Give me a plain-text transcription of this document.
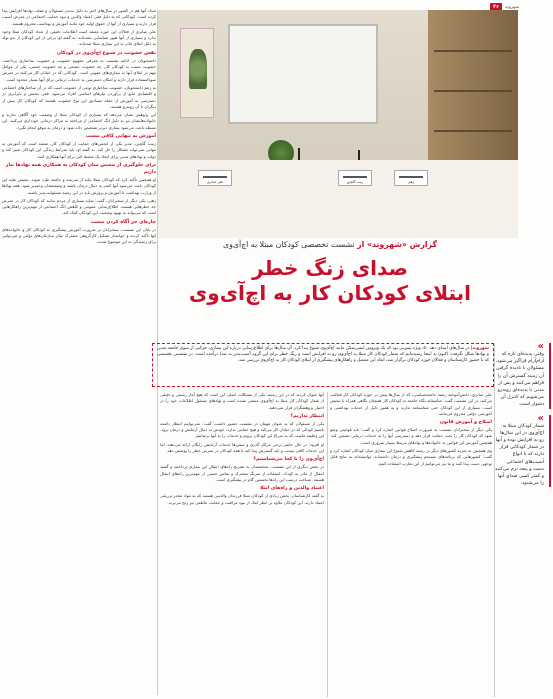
شهروند
۴۶

تعداد آنها هم در کشور در سال‌های اخیر به دلیل ندیدن مسئولان و غفلت نهادها افزایش پیدا کرده است. کودکانی که به دلیل فقر، اعتیاد والدین و نبود حمایت اجتماعی در معرض آسیب قرار دارند و بسیاری از آنها از حقوق اولیه خود مانند آموزش و بهداشت محروم هستند.

علی صابری از فعالان این حوزه معتقد است اطلاعات دقیقی از تعداد کودکان مبتلا وجود ندارد و بسیاری از آنها هنوز شناسایی نشده‌اند. به گفته او، برخی از این کودکان از بدو تولد به دلیل ابتلای مادر به این بیماری مبتلا شده‌اند.

نقش خشونت در شیوع اچ‌آی‌وی در کودکان

دانشجویان در ادامه نشست به معرفی مفهوم خشونت و خشونت ساختاری پرداختند. خشونت نسبت به کودکان کار، چه خشونت جسمی و چه خشونت جنسی، یکی از عوامل مهم در ابتلای آنها به بیماری‌های عفونی است. کودکانی که در خیابان کار می‌کنند در معرض سوءاستفاده قرار دارند و امکان دسترسی به خدمات درمانی برای آنها بسیار محدود است.

به زعم دانشجویان، خشونت ساختاری نوعی از خشونت است که در آن ساختارهای اجتماعی و اقتصادی مانع از برآوردن نیازهای اساسی افراد می‌شود. فقر، تبعیض و نابرابری در دسترسی به آموزش از جمله مصادیق این نوع خشونت هستند که کودکان کار بیش از دیگران با آن روبه‌رو هستند.

این پژوهش نشان می‌دهد که بسیاری از کودکان مبتلا از وضعیت خود آگاهی ندارند و خانواده‌هایشان نیز به دلیل انگ اجتماعی از مراجعه به مراکز درمانی خودداری می‌کنند. این مسئله باعث می‌شود بیماری دیرتر تشخیص داده شود و درمان به موقع انجام نگیرد.

آموزش به تنهایی کافی نیست

زینب گلچین، مدیر یکی از انجمن‌های حمایت از کودکان کار، معتقد است که آموزش به تنهایی نمی‌تواند مشکل را حل کند. به گفته او، باید شرایط زندگی این کودکان تغییر کند و دولت و نهادهای مدنی برای ایجاد یک محیط امن برای آنها همکاری کنند.

برای جلوگیری از تبعیض میان کودکان به همکاری همه نهادها نیاز داریم

او همچنین تأکید کرد که کودکان مبتلا نباید از مدرسه و جامعه طرد شوند. تبعیض علیه این کودکان باعث می‌شود آنها کمتر به دنبال درمان باشند و وضعیتشان وخیم‌تر شود. همه نهادها از وزارت بهداشت تا آموزش و پرورش باید در این زمینه مسئولیت‌پذیر باشند.

رهبر، یکی دیگر از سخنرانان، گفت: شاید بسیاری از مردم ندانند که کودکان کار در معرض چه خطرهایی هستند. اطلاع‌رسانی عمومی و کاهش انگ اجتماعی از مهم‌ترین راهکارهایی است که می‌تواند به بهبود وضعیت این کودکان کمک کند.

چاره‌ای جز آگاه کردن نیست

در پایان این نشست، سخنرانان بر ضرورت آموزش پیشگیری به کودکان کار و خانواده‌های آنها تأکید کردند و خواستار تشکیل کارگروهی مشترک میان سازمان‌های دولتی و غیردولتی برای رسیدگی به این موضوع شدند.

علی صابری	زینب گلچین	رهبر
گزارش «شهروند» از نشست تخصصی کودکان مبتلا به اچ‌آی‌وی
صدای زنگ خطر
ابتلای کودکان کار به اچ‌آی‌وی
شهروند| در سال‌های ابتدای دهه ۵۰، ویژه پیتیرنی بود که یک ویروس ایمنی‌شکن مانند اچ‌آی‌وی شیوع پیدا کرد. آن سال‌ها برای اطلاع‌رسانی درباره این بیماری، حرکتی از سوی جامعه مدنی و نهادها شکل نگرفت. اکنون به اینجا رسیده‌ایم که شمار کودکان کار مبتلا به اچ‌آی‌وی رو به افزایش است و زنگ خطر برای این گروه آسیب‌پذیر به صدا درآمده است. در نشستی تخصصی که با حضور کارشناسان و فعالان حوزه کودکان برگزار شد، ابعاد این معضل و راهکارهای پیشگیری از ابتلای کودکان کار به اچ‌آی‌وی بررسی شد.

آنها عنوان کردند که در این زمینه، یکی از مشکلات اصلی این است که هیچ آمار رسمی و دقیقی از شمار کودکان کار مبتلا به اچ‌آی‌وی منتشر نشده است و نهادهای مسئول اطلاعات خود را در اختیار پژوهشگران قرار نمی‌دهند.

انتظار نداریم؟

یکی از مسئولان که به عنوان مهمان در نشست حضور داشت، گفت: نمی‌توانیم انتظار داشته باشیم کودکی که در خیابان کار می‌کند و هیچ حمایتی ندارد، خودش به دنبال آزمایش و درمان برود. این وظیفه ماست که به سراغ این کودکان برویم و خدمات را به آنها برسانیم.

او افزود: در حال حاضر برخی مراکز گذری و سمن‌ها خدمات آزمایش رایگان ارائه می‌دهند، اما این خدمات کافی نیست و باید گسترش پیدا کند تا همه کودکان در معرض خطر را پوشش دهد.

اچ‌آی‌وی را تا کجا می‌شناسیم؟

در بخش دیگری از این نشست، متخصصان به تشریح راه‌های انتقال این بیماری پرداختند و گفتند انتقال از مادر به کودک، استفاده از سرنگ مشترک و تماس جنسی از مهم‌ترین راه‌های انتقال هستند. شناخت درست این راه‌ها نخستین گام در پیشگیری است.

اعتیاد والدین و راه‌های ابتلا

به گفته کارشناسان، بخش زیادی از کودکان مبتلا فرزندان والدینی هستند که به مواد مخدر تزریقی اعتیاد دارند. این کودکان علاوه بر خطر ابتلا، از نبود مراقبت و حمایت عاطفی نیز رنج می‌برند.

علی صابری، دانش‌آموخته رشته جامعه‌شناسی، که از سال‌ها پیش در حوزه کودکان کار فعالیت می‌کند، در این نشست گفت: متأسفانه نگاه جامعه به کودکان کار همچنان نگاهی همراه با تبعیض است. بسیاری از این کودکان حتی شناسنامه ندارند و به همین دلیل از خدمات بهداشتی و آموزشی دولتی محروم می‌مانند.

اصلاح و آموزش قانون

یکی دیگر از سخنرانان نشست به ضرورت اصلاح قوانین اشاره کرد و گفت: باید قوانینی وضع شود که کودکان کار را تحت حمایت قرار دهد و دسترسی آنها را به خدمات درمانی تضمین کند. همچنین آموزش این قوانین به خانواده‌ها و نهادهای مرتبط بسیار ضروری است.

وی همچنین به تجربه کشورهای دیگر در زمینه کاهش شیوع این بیماری میان کودکان اشاره کرد و گفت: کشورهایی که برنامه‌های منسجم پیشگیری و درمان داشته‌اند، توانسته‌اند به نتایج قابل توجهی دست پیدا کنند و ما نیز می‌توانیم از این تجارب استفاده کنیم.

»
وقتی پدیده‌ای تازه که آرام‌آرام فراگیر می‌شود، مسئولان با نادیده گرفتن آن زمینه گسترش آن را فراهم می‌کنند و پس از مدتی با پدیده‌ای روبه‌رو می‌شویم که کنترل آن دشوار است.
»
شمار کودکان مبتلا به اچ‌آی‌وی در این سال‌ها رو به افزایش بوده و آنها در شمار کودکانی قرار دارند که با انواع آسیب‌های اجتماعی دست و پنجه نرم می‌کنند و کمتر کسی صدای آنها را می‌شنود.
